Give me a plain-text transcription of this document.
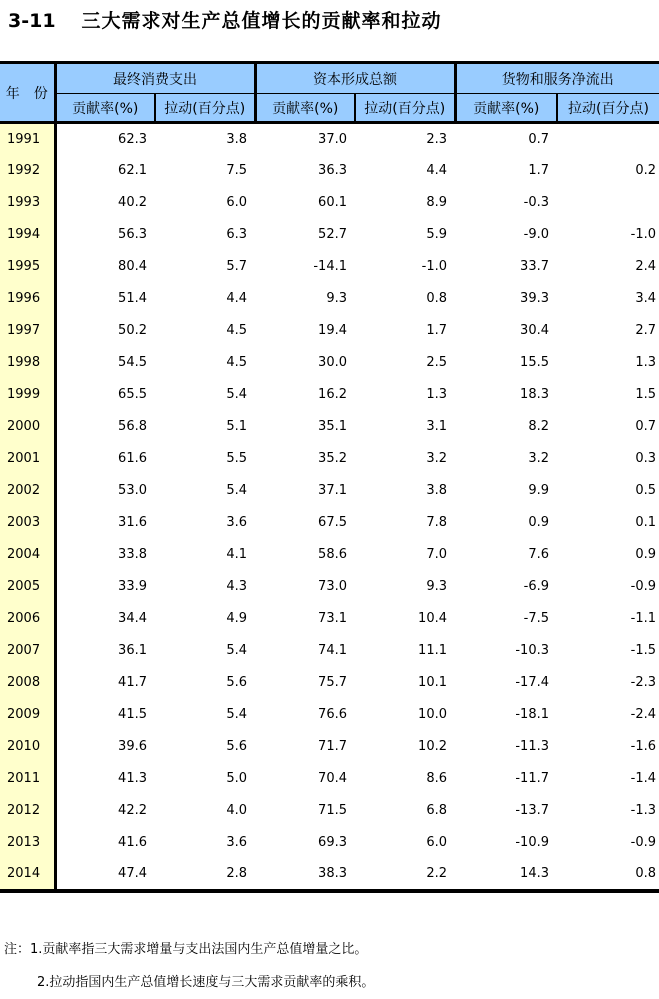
3-11 三大需求对生产总值增长的贡献率和拉动
年　份	最终消费支出		资本形成总额		货物和服务净流出	
	贡献率(%)	拉动(百分点)	贡献率(%)	拉动(百分点)	贡献率(%)	拉动(百分点)
1991	62.3	3.8	37.0	2.3	0.7	
1992	62.1	7.5	36.3	4.4	1.7	0.2
1993	40.2	6.0	60.1	8.9	-0.3	
1994	56.3	6.3	52.7	5.9	-9.0	-1.0
1995	80.4	5.7	-14.1	-1.0	33.7	2.4
1996	51.4	4.4	9.3	0.8	39.3	3.4
1997	50.2	4.5	19.4	1.7	30.4	2.7
1998	54.5	4.5	30.0	2.5	15.5	1.3
1999	65.5	5.4	16.2	1.3	18.3	1.5
2000	56.8	5.1	35.1	3.1	8.2	0.7
2001	61.6	5.5	35.2	3.2	3.2	0.3
2002	53.0	5.4	37.1	3.8	9.9	0.5
2003	31.6	3.6	67.5	7.8	0.9	0.1
2004	33.8	4.1	58.6	7.0	7.6	0.9
2005	33.9	4.3	73.0	9.3	-6.9	-0.9
2006	34.4	4.9	73.1	10.4	-7.5	-1.1
2007	36.1	5.4	74.1	11.1	-10.3	-1.5
2008	41.7	5.6	75.7	10.1	-17.4	-2.3
2009	41.5	5.4	76.6	10.0	-18.1	-2.4
2010	39.6	5.6	71.7	10.2	-11.3	-1.6
2011	41.3	5.0	70.4	8.6	-11.7	-1.4
2012	42.2	4.0	71.5	6.8	-13.7	-1.3
2013	41.6	3.6	69.3	6.0	-10.9	-0.9
2014	47.4	2.8	38.3	2.2	14.3	0.8
注：1.贡献率指三大需求增量与支出法国内生产总值增量之比。
2.拉动指国内生产总值增长速度与三大需求贡献率的乘积。
